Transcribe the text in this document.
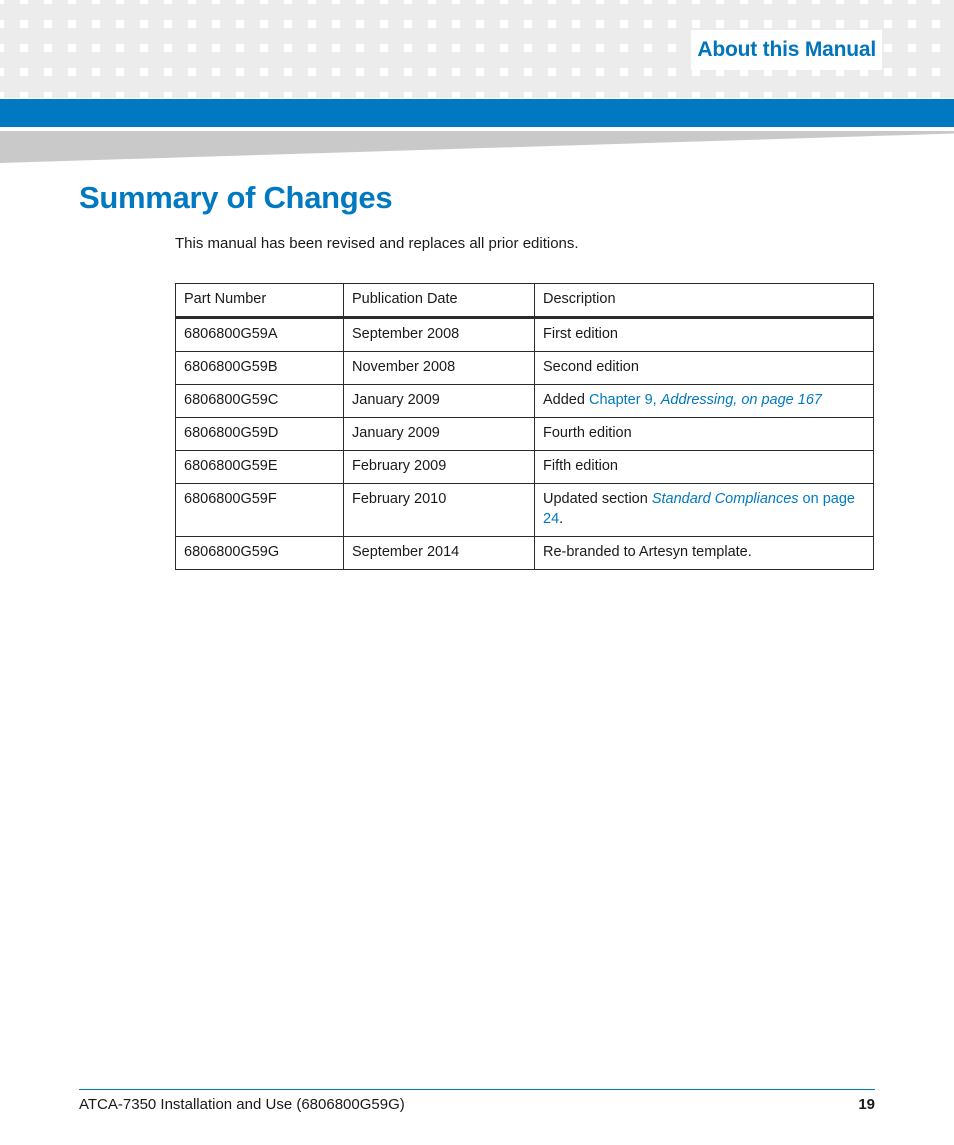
About this Manual
Summary of Changes

This manual has been revised and replaces all prior editions.

Part Number	Publication Date	Description
6806800G59A	September 2008	First edition
6806800G59B	November 2008	Second edition
6806800G59C	January 2009	Added Chapter 9, Addressing, on page 167
6806800G59D	January 2009	Fourth edition
6806800G59E	February 2009	Fifth edition
6806800G59F	February 2010	Updated section Standard Compliances on page 24.
6806800G59G	September 2014	Re-branded to Artesyn template.
ATCA-7350 Installation and Use (6806800G59G)	19
